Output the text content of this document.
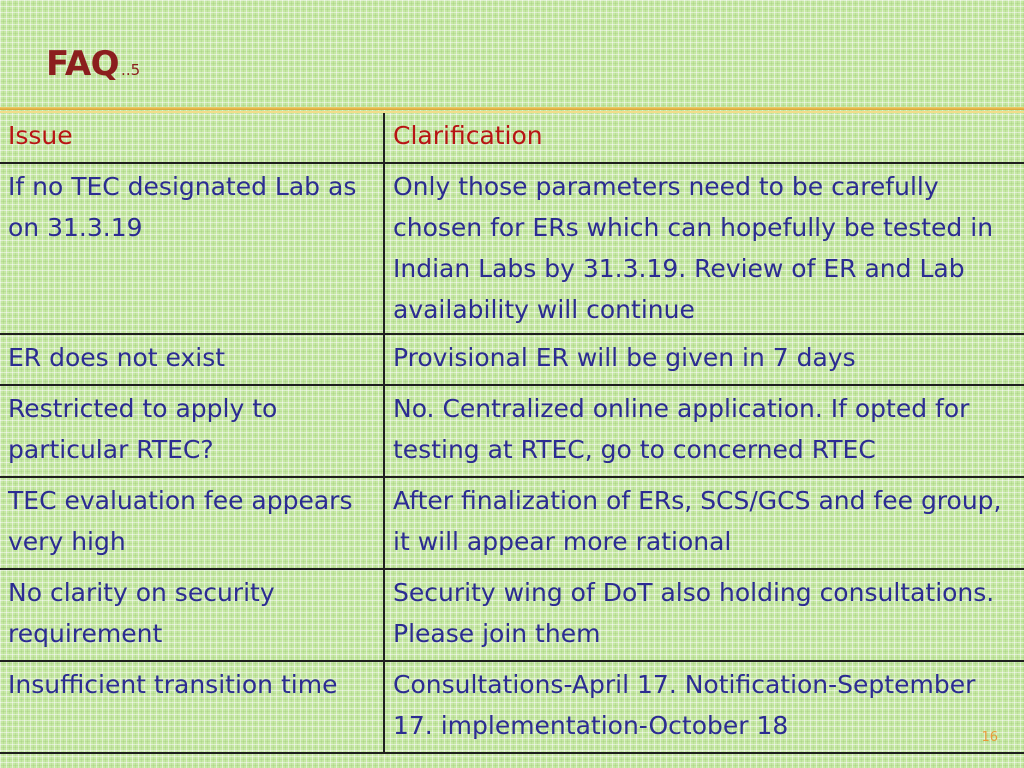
FAQ ..5
Issue	Clarification
If no TEC designated Lab as on 31.3.19	Only those parameters need to be carefully chosen for ERs which can hopefully be tested in Indian Labs by 31.3.19. Review of ER and Lab availability will continue
ER does not exist	Provisional ER will be given in 7 days
Restricted to apply to particular RTEC?	No. Centralized online application. If opted for testing at RTEC, go to concerned RTEC
TEC evaluation fee appears very high	After finalization of ERs, SCS/GCS and fee group, it will appear more rational
No clarity on security requirement	Security wing of DoT also holding consultations. Please join them
Insufficient transition time	Consultations-April 17. Notification-September 17. implementation-October 18	16
